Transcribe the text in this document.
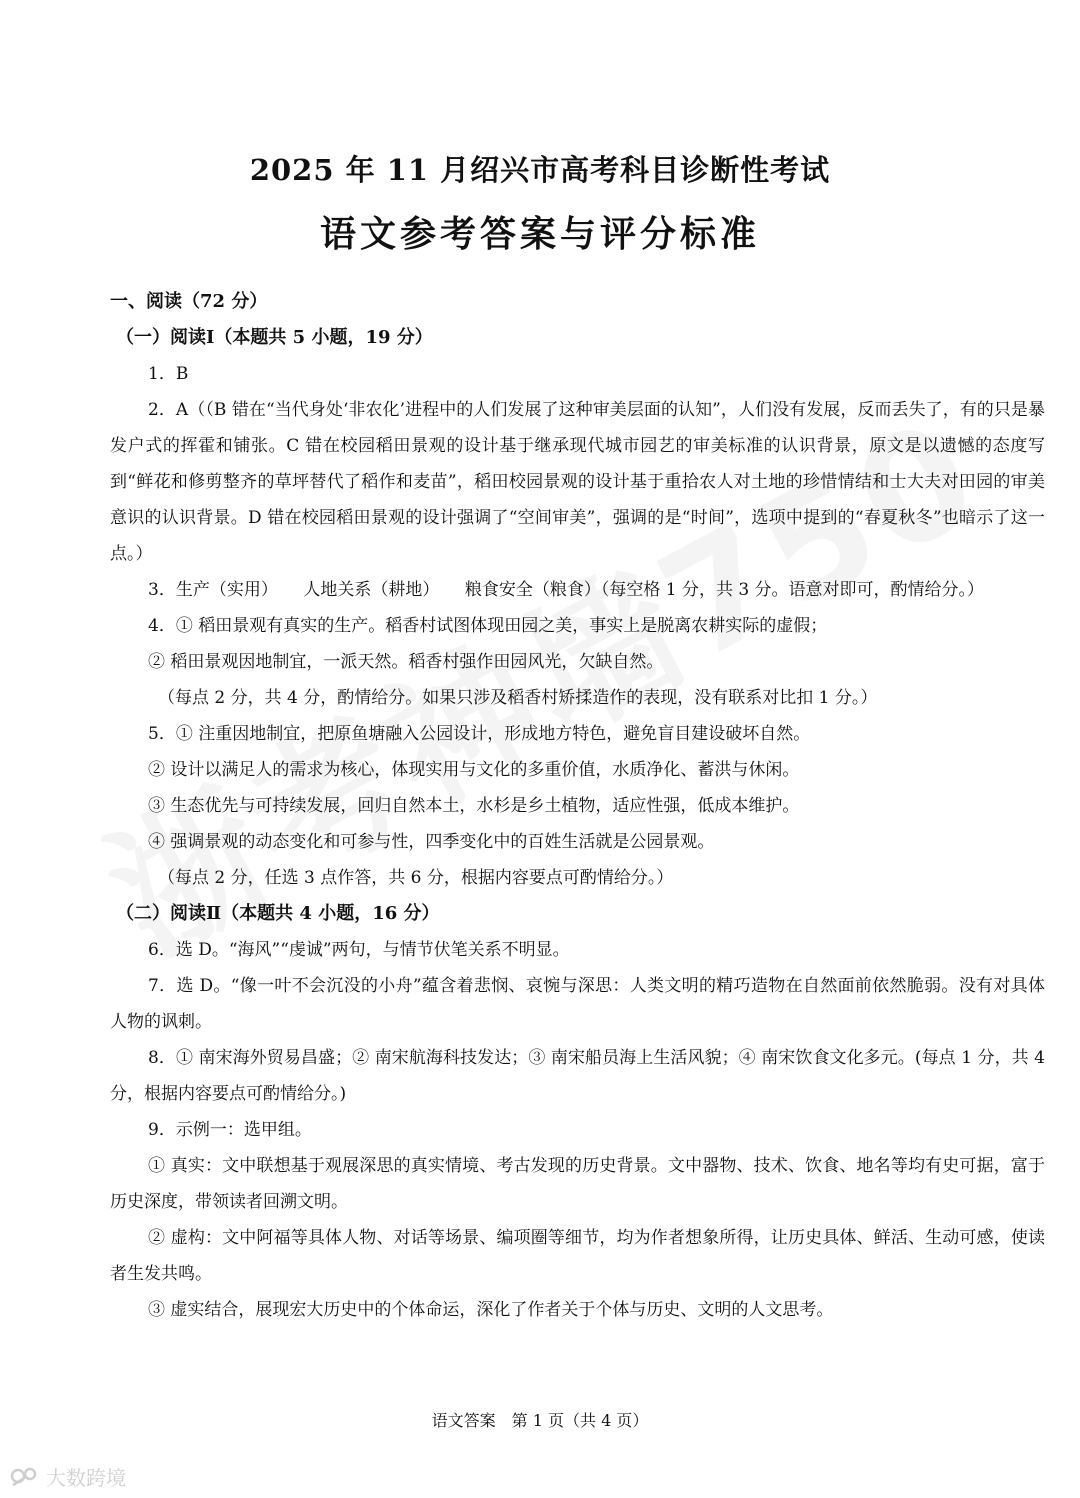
2025 年 11 月绍兴市高考科目诊断性考试
语文参考答案与评分标准
一、阅读（72 分）
（一）阅读Ⅰ（本题共 5 小题，19 分）
1．B
2．A（（B 错在“当代身处‘非农化’进程中的人们发展了这种审美层面的认知”，人们没有发展，反而丢失了，有的只是暴发户式的挥霍和铺张。C 错在校园稻田景观的设计基于继承现代城市园艺的审美标准的认识背景，原文是以遗憾的态度写到“鲜花和修剪整齐的草坪替代了稻作和麦苗”，稻田校园景观的设计基于重拾农人对土地的珍惜情结和士大夫对田园的审美意识的认识背景。D 错在校园稻田景观的设计强调了“空间审美”，强调的是“时间”，选项中提到的“春夏秋冬”也暗示了这一点。）
3．生产（实用）　　人地关系（耕地）　　粮食安全（粮食）（每空格 1 分，共 3 分。语意对即可，酌情给分。）
4．① 稻田景观有真实的生产。稻香村试图体现田园之美，事实上是脱离农耕实际的虚假；
② 稻田景观因地制宜，一派天然。稻香村强作田园风光，欠缺自然。
（每点 2 分，共 4 分，酌情给分。如果只涉及稻香村矫揉造作的表现，没有联系对比扣 1 分。）
5．① 注重因地制宜，把原鱼塘融入公园设计，形成地方特色，避免盲目建设破坏自然。
② 设计以满足人的需求为核心，体现实用与文化的多重价值，水质净化、蓄洪与休闲。
③ 生态优先与可持续发展，回归自然本土，水杉是乡土植物，适应性强，低成本维护。
④ 强调景观的动态变化和可参与性，四季变化中的百姓生活就是公园景观。
（每点 2 分，任选 3 点作答，共 6 分，根据内容要点可酌情给分。）
（二）阅读Ⅱ（本题共 4 小题，16 分）
6．选 D。“海风”“虔诚”两句，与情节伏笔关系不明显。
7．选 D。“像一叶不会沉没的小舟”蕴含着悲悯、哀惋与深思：人类文明的精巧造物在自然面前依然脆弱。没有对具体人物的讽刺。
8．① 南宋海外贸易昌盛；② 南宋航海科技发达；③ 南宋船员海上生活风貌；④ 南宋饮食文化多元。(每点 1 分，共 4 分，根据内容要点可酌情给分。)
9．示例一：选甲组。
① 真实：文中联想基于观展深思的真实情境、考古发现的历史背景。文中器物、技术、饮食、地名等均有史可据，富于历史深度，带领读者回溯文明。
② 虚构：文中阿福等具体人物、对话等场景、编项圈等细节，均为作者想象所得，让历史具体、鲜活、生动可感，使读者生发共鸣。
③ 虚实结合，展现宏大历史中的个体命运，深化了作者关于个体与历史、文明的人文思考。
语文答案　第 1 页（共 4 页）
大数跨境
